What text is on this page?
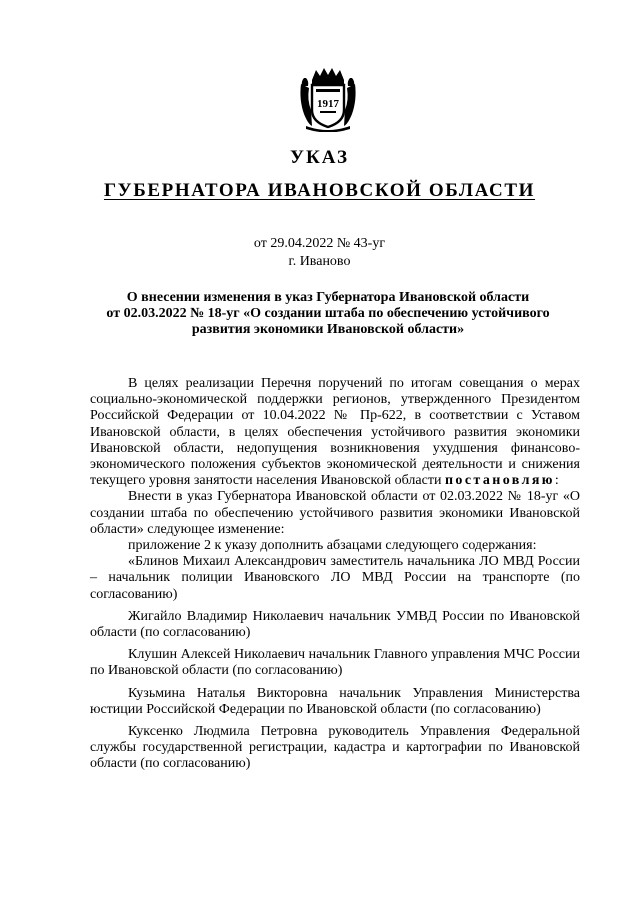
1917
УКАЗ
ГУБЕРНАТОРА ИВАНОВСКОЙ ОБЛАСТИ
от 29.04.2022 № 43-уг
г. Иваново
О внесении изменения в указ Губернатора Ивановской области
от 02.03.2022 № 18-уг «О создании штаба по обеспечению устойчивого
развития экономики Ивановской области»

В целях реализации Перечня поручений по итогам совещания о мерах социально-экономической поддержки регионов, утвержденного Президентом Российской Федерации от 10.04.2022 № Пр-622, в соответствии с Уставом Ивановской области, в целях обеспечения устойчивого развития экономики Ивановской области, недопущения возникновения ухудшения финансово-экономического положения субъектов экономической деятельности и снижения текущего уровня занятости населения Ивановской области постановляю:

Внести в указ Губернатора Ивановской области от 02.03.2022 № 18-уг «О создании штаба по обеспечению устойчивого развития экономики Ивановской области» следующее изменение:

приложение 2 к указу дополнить абзацами следующего содержания:

«Блинов Михаил Александрович заместитель начальника ЛО МВД России – начальник полиции Ивановского ЛО МВД России на транспорте (по согласованию)

Жигайло Владимир Николаевич начальник УМВД России по Ивановской области (по согласованию)

Клушин Алексей Николаевич начальник Главного управления МЧС России по Ивановской области (по согласованию)

Кузьмина Наталья Викторовна начальник Управления Министерства юстиции Российской Федерации по Ивановской области (по согласованию)

Куксенко Людмила Петровна руководитель Управления Федеральной службы государственной регистрации, кадастра и картографии по Ивановской области (по согласованию)
